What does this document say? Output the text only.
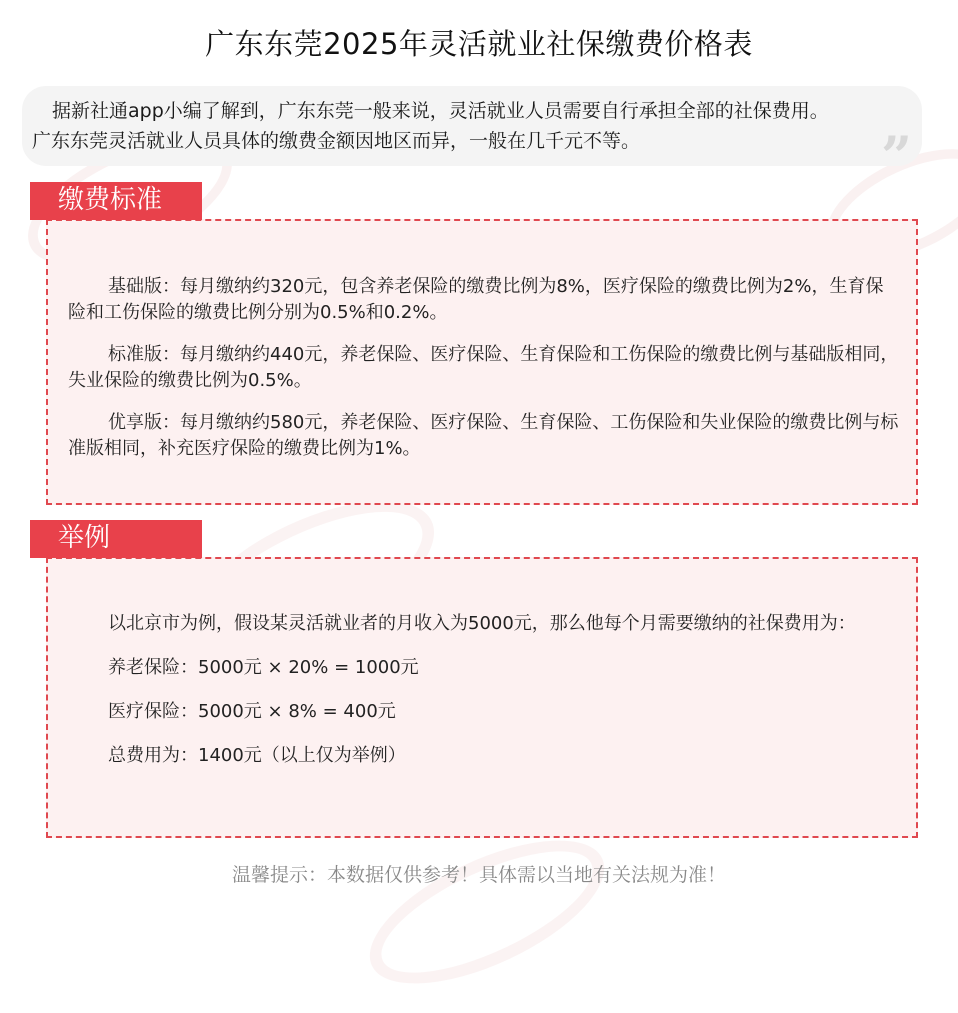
广东东莞2025年灵活就业社保缴费价格表

据新社通app小编了解到，广东东莞一般来说，灵活就业人员需要自行承担全部的社保费用。

广东东莞灵活就业人员具体的缴费金额因地区而异，一般在几千元不等。	”
缴费标准

基础版：每月缴纳约320元，包含养老保险的缴费比例为8%，医疗保险的缴费比例为2%，生育保险和工伤保险的缴费比例分别为0.5%和0.2%。

标准版：每月缴纳约440元，养老保险、医疗保险、生育保险和工伤保险的缴费比例与基础版相同，失业保险的缴费比例为0.5%。

优享版：每月缴纳约580元，养老保险、医疗保险、生育保险、工伤保险和失业保险的缴费比例与标准版相同，补充医疗保险的缴费比例为1%。

举例

以北京市为例，假设某灵活就业者的月收入为5000元，那么他每个月需要缴纳的社保费用为：

养老保险：5000元 × 20% = 1000元

医疗保险：5000元 × 8% = 400元

总费用为：1400元（以上仅为举例）

温馨提示：本数据仅供参考！具体需以当地有关法规为准！
